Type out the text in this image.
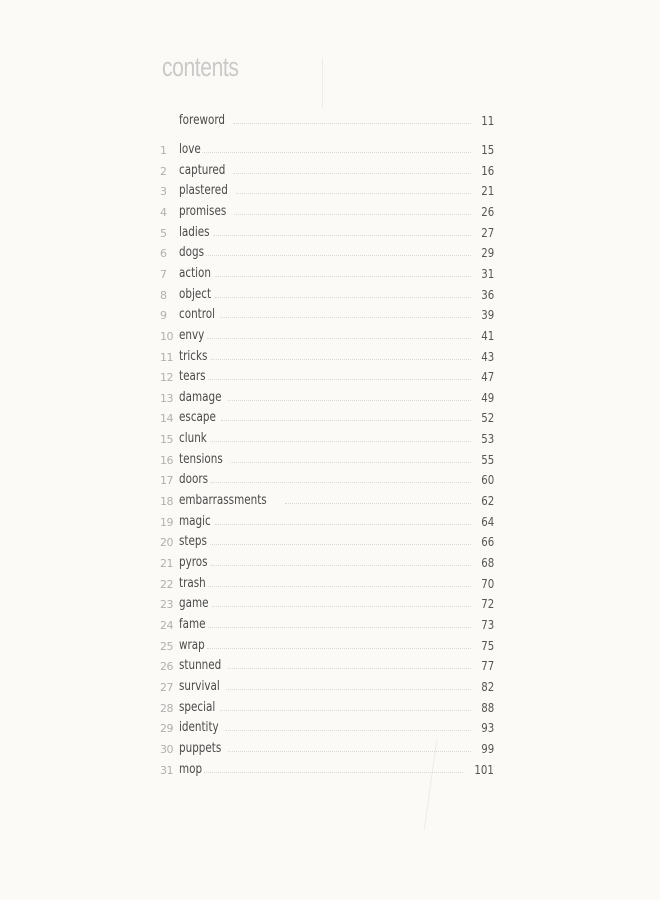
contents
foreword	11
1 love	15
2 captured	16
3 plastered	21
4 promises	26
5 ladies	27
6 dogs	29
7 action	31
8 object	36
9 control	39
10 envy	41
11 tricks	43
12 tears	47
13 damage	49
14 escape	52
15 clunk	53
16 tensions	55
17 doors	60
18 embarrassments	62
19 magic	64
20 steps	66
21 pyros	68
22 trash	70
23 game	72
24 fame	73
25 wrap	75
26 stunned	77
27 survival	82
28 special	88
29 identity	93
30 puppets	99
31 mop	101
